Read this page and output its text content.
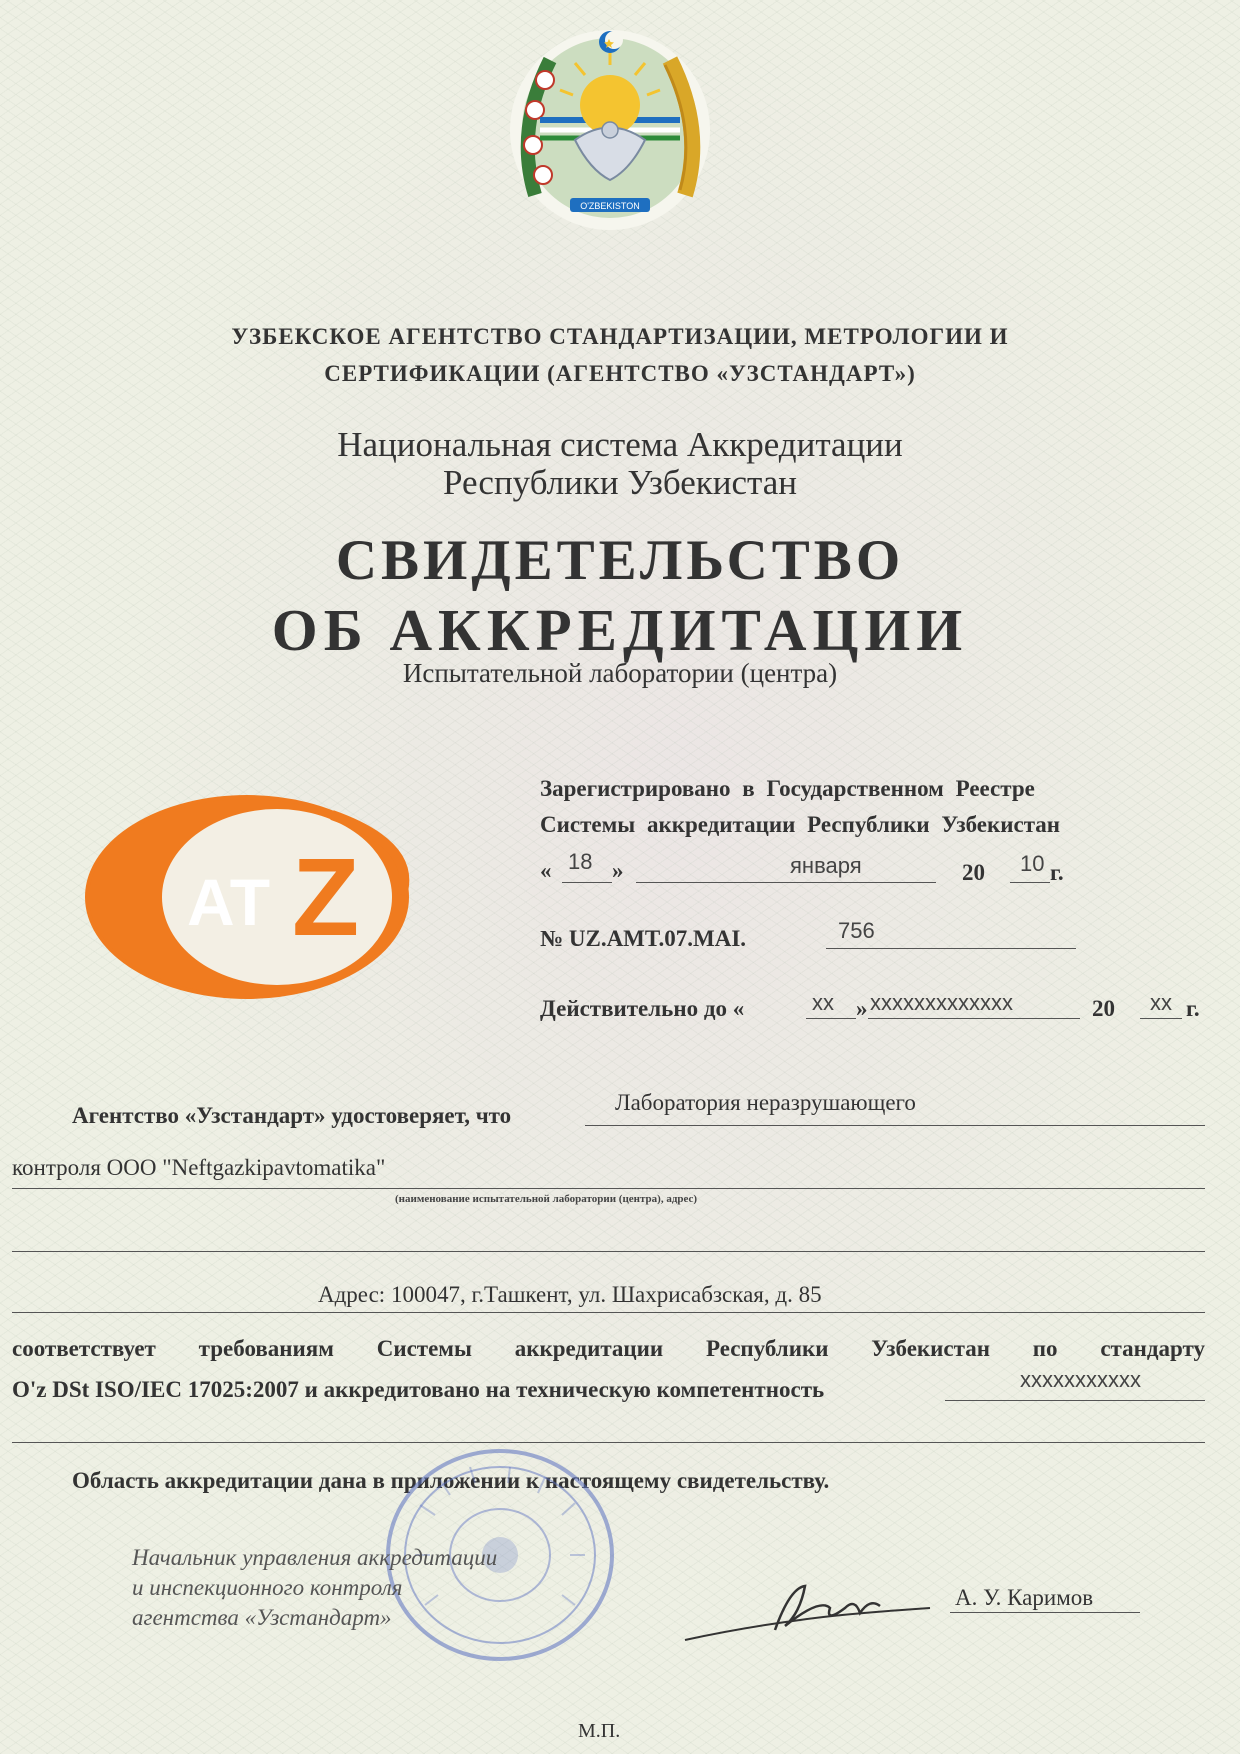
O'ZBEKISTON
УЗБЕКСКОЕ АГЕНТСТВО СТАНДАРТИЗАЦИИ, МЕТРОЛОГИИ И
СЕРТИФИКАЦИИ (АГЕНТСТВО «УЗСТАНДАРТ»)
Национальная система Аккредитации
Республики Узбекистан
СВИДЕТЕЛЬСТВО
ОБ АККРЕДИТАЦИИ
Испытательной лаборатории (центра)
AT Z
Зарегистрировано в Государственном Реестре
Системы аккредитации Республики Узбекистан
« 18 »	января	20 10 г.
№ UZ.AMT.07.MAI.	756
Действительно до «	xx » xxxxxxxxxxxxx	20 xx г.
Агентство «Узстандарт» удостоверяет, что
Лаборатория неразрушающего
контроля ООО "Neftgazkipavtomatika"
(наименование испытательной лаборатории (центра), адрес)
Адрес: 100047, г.Ташкент, ул. Шахрисабзская, д. 85
соответствует требованиям Системы аккредитации Республики Узбекистан по стандарту
O'z DSt ISO/IEC 17025:2007 и аккредитовано на техническую компетентность	xxxxxxxxxxx
Область аккредитации дана в приложении к настоящему свидетельству.
Начальник управления аккредитации
и инспекционного контроля
агентства «Узстандарт»
А. У. Каримов
М.П.
